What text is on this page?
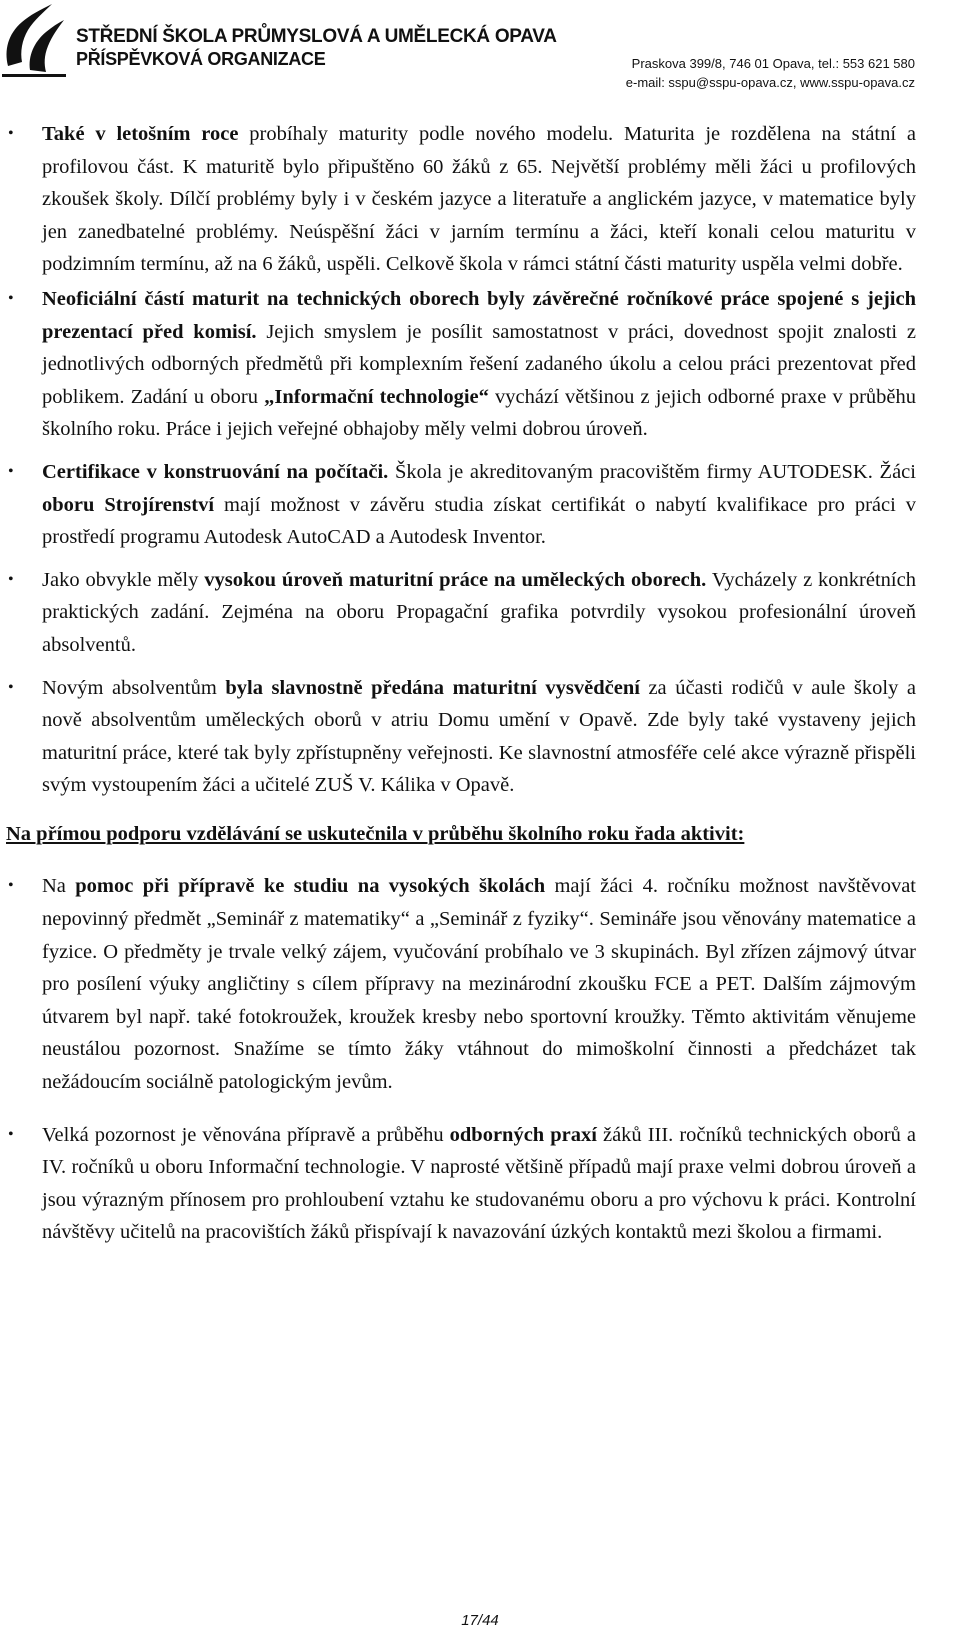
STŘEDNÍ ŠKOLA PRŮMYSLOVÁ A UMĚLECKÁ OPAVA
PŘÍSPĚVKOVÁ ORGANIZACE	Praskova 399/8, 746 01 Opava, tel.: 553 621 580
e-mail: sspu@sspu-opava.cz, www.sspu-opava.cz
• Také v letošním roce probíhaly maturity podle nového modelu. Maturita je rozdělena na státní a profilovou část. K maturitě bylo připuštěno 60 žáků z 65. Největší problémy měli žáci u profilových zkoušek školy. Dílčí problémy byly i v českém jazyce a literatuře a anglickém jazyce, v matematice byly jen zanedbatelné problémy. Neúspěšní žáci v jarním termínu a žáci, kteří konali celou maturitu v podzimním termínu, až na 6 žáků, uspěli. Celkově škola v rámci státní části maturity uspěla velmi dobře.
• Neoficiální částí maturit na technických oborech byly závěrečné ročníkové práce spojené s jejich prezentací před komisí. Jejich smyslem je posílit samostatnost v práci, dovednost spojit znalosti z jednotlivých odborných předmětů při komplexním řešení zadaného úkolu a celou práci prezentovat před poblikem. Zadání u oboru „Informační technologie“ vychází většinou z jejich odborné praxe v průběhu školního roku. Práce i jejich veřejné obhajoby měly velmi dobrou úroveň.
• Certifikace v konstruování na počítači. Škola je akreditovaným pracovištěm firmy AUTODESK. Žáci oboru Strojírenství mají možnost v závěru studia získat certifikát o nabytí kvalifikace pro práci v prostředí programu Autodesk AutoCAD a Autodesk Inventor.
• Jako obvykle měly vysokou úroveň maturitní práce na uměleckých oborech. Vycházely z konkrétních praktických zadání. Zejména na oboru Propagační grafika potvrdily vysokou profesionální úroveň absolventů.
• Novým absolventům byla slavnostně předána maturitní vysvědčení za účasti rodičů v aule školy a nově absolventům uměleckých oborů v atriu Domu umění v Opavě. Zde byly také vystaveny jejich maturitní práce, které tak byly zpřístupněny veřejnosti. Ke slavnostní atmosféře celé akce výrazně přispěli svým vystoupením žáci a učitelé ZUŠ V. Kálika v Opavě.
Na přímou podporu vzdělávání se uskutečnila v průběhu školního roku řada aktivit:
• Na pomoc při přípravě ke studiu na vysokých školách mají žáci 4. ročníku možnost navštěvovat nepovinný předmět „Seminář z matematiky“ a „Seminář z fyziky“. Semináře jsou věnovány matematice a fyzice. O předměty je trvale velký zájem, vyučování probíhalo ve 3 skupinách. Byl zřízen zájmový útvar pro posílení výuky angličtiny s cílem přípravy na mezinárodní zkoušku FCE a PET. Dalším zájmovým útvarem byl např. také fotokroužek, kroužek kresby nebo sportovní kroužky. Těmto aktivitám věnujeme neustálou pozornost. Snažíme se tímto žáky vtáhnout do mimoškolní činnosti a předcházet tak nežádoucím sociálně patologickým jevům.
• Velká pozornost je věnována přípravě a průběhu odborných praxí žáků III. ročníků technických oborů a IV. ročníků u oboru Informační technologie. V naprosté většině případů mají praxe velmi dobrou úroveň a jsou výrazným přínosem pro prohloubení vztahu ke studovanému oboru a pro výchovu k práci. Kontrolní návštěvy učitelů na pracovištích žáků přispívají k navazování úzkých kontaktů mezi školou a firmami.
17/44
